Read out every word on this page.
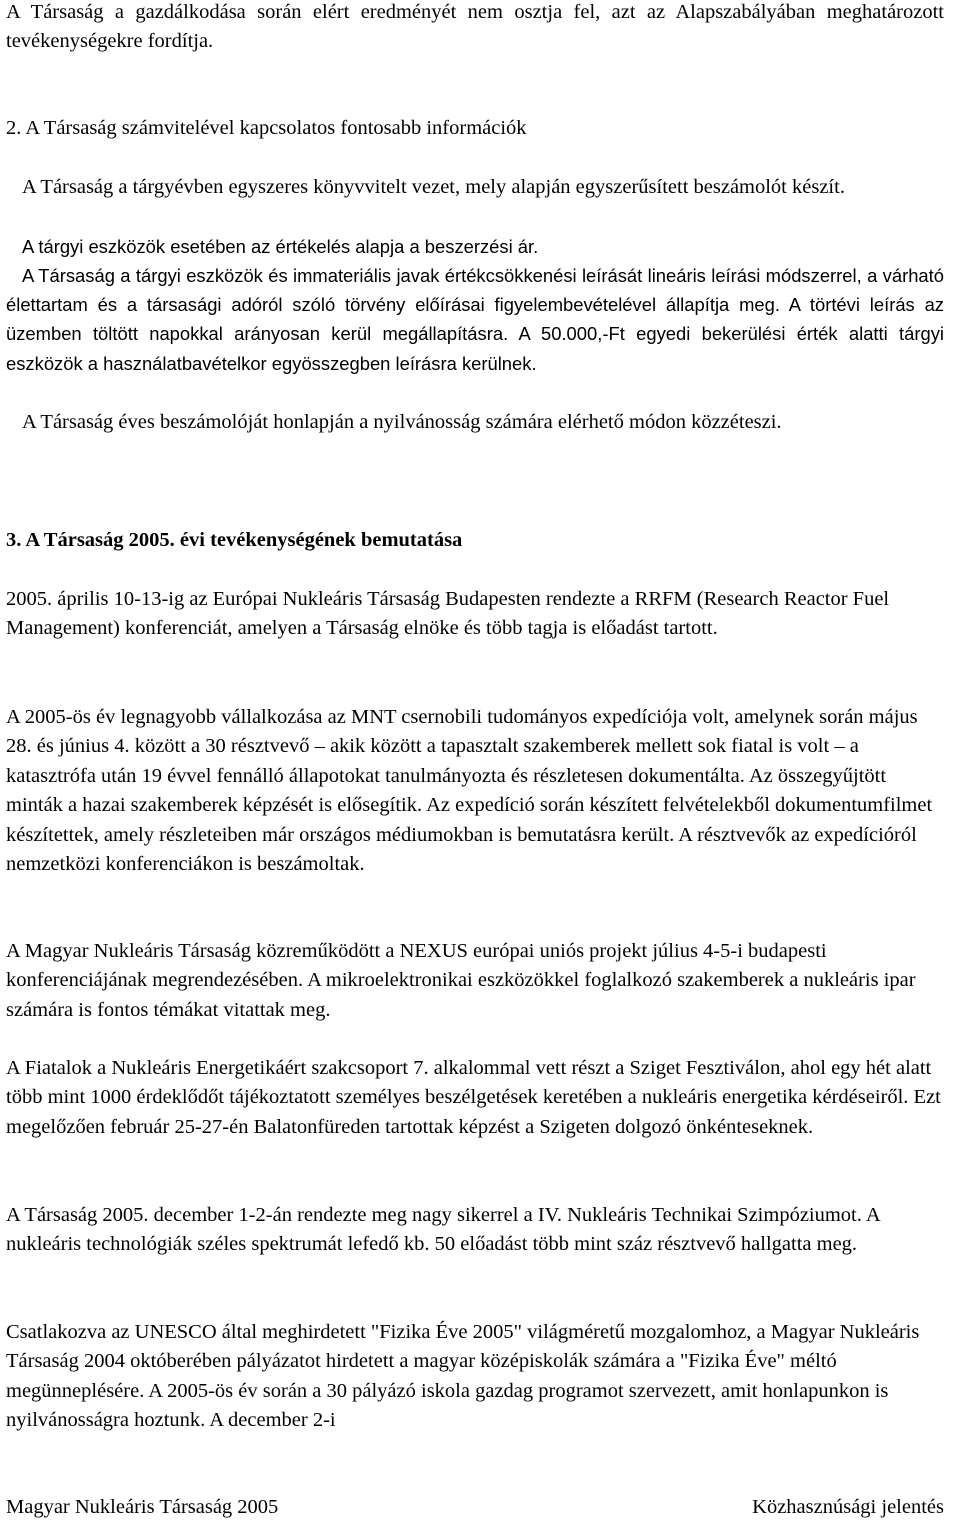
A Társaság a gazdálkodása során elért eredményét nem osztja fel, azt az Alapszabályában meghatározott tevékenységekre fordítja.

2. A Társaság számvitelével kapcsolatos fontosabb információk

A Társaság a tárgyévben egyszeres könyvvitelt vezet, mely alapján egyszerűsített beszámolót készít.

A tárgyi eszközök esetében az értékelés alapja a beszerzési ár.

A Társaság a tárgyi eszközök és immateriális javak értékcsökkenési leírását lineáris leírási módszerrel, a várható élettartam és a társasági adóról szóló törvény előírásai figyelembevételével állapítja meg. A törtévi leírás az üzemben töltött napokkal arányosan kerül megállapításra. A 50.000,-Ft egyedi bekerülési érték alatti tárgyi eszközök a használatbavételkor egyösszegben leírásra kerülnek.

A Társaság éves beszámolóját honlapján a nyilvánosság számára elérhető módon közzéteszi.

3. A Társaság 2005. évi tevékenységének bemutatása

2005. április 10-13-ig az Európai Nukleáris Társaság Budapesten rendezte a RRFM (Research Reactor Fuel Management) konferenciát, amelyen a Társaság elnöke és több tagja is előadást tartott.

A 2005-ös év legnagyobb vállalkozása az MNT csernobili tudományos expedíciója volt, amelynek során május 28. és június 4. között a 30 résztvevő – akik között a tapasztalt szakemberek mellett sok fiatal is volt – a katasztrófa után 19 évvel fennálló állapotokat tanulmányozta és részletesen dokumentálta. Az összegyűjtött minták a hazai szakemberek képzését is elősegítik. Az expedíció során készített felvételekből dokumentumfilmet készítettek, amely részleteiben már országos médiumokban is bemutatásra került. A résztvevők az expedícióról nemzetközi konferenciákon is beszámoltak.

A Magyar Nukleáris Társaság közreműködött a NEXUS európai uniós projekt július 4-5-i budapesti konferenciájának megrendezésében. A mikroelektronikai eszközökkel foglalkozó szakemberek a nukleáris ipar számára is fontos témákat vitattak meg.

A Fiatalok a Nukleáris Energetikáért szakcsoport 7. alkalommal vett részt a Sziget Fesztiválon, ahol egy hét alatt több mint 1000 érdeklődőt tájékoztatott személyes beszélgetések keretében a nukleáris energetika kérdéseiről. Ezt megelőzően február 25-27-én Balatonfüreden tartottak képzést a Szigeten dolgozó önkénteseknek.

A Társaság 2005. december 1-2-án rendezte meg nagy sikerrel a IV. Nukleáris Technikai Szimpóziumot. A nukleáris technológiák széles spektrumát lefedő kb. 50 előadást több mint száz résztvevő hallgatta meg.

Csatlakozva az UNESCO által meghirdetett "Fizika Éve 2005" világméretű mozgalomhoz, a Magyar Nukleáris Társaság 2004 októberében pályázatot hirdetett a magyar középiskolák számára a "Fizika Éve" méltó megünneplésére. A 2005-ös év során a 30 pályázó iskola gazdag programot szervezett, amit honlapunkon is nyilvánosságra hoztunk. A december 2-i

Magyar Nukleáris Társaság 2005	Közhasznúsági jelentés
